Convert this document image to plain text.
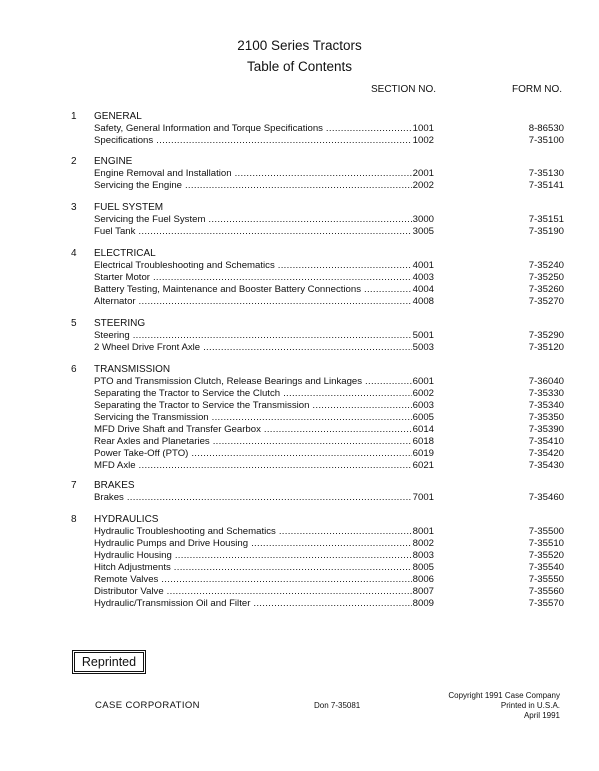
2100 Series Tractors
Table of Contents
SECTION NO.	FORM NO.
1 GENERAL
Safety, General Information and Torque Specifications .....	1001	8-86530
Specifications .....	1002	7-35100
2 ENGINE
Engine Removal and Installation .....	2001	7-35130
Servicing the Engine .....	2002	7-35141
3 FUEL SYSTEM
Servicing the Fuel System .....	3000	7-35151
Fuel Tank .....	3005	7-35190
4 ELECTRICAL
Electrical Troubleshooting and Schematics .....	4001	7-35240
Starter Motor .....	4003	7-35250
Battery Testing, Maintenance and Booster Battery Connections .....	4004	7-35260
Alternator .....	4008	7-35270
5 STEERING
Steering .....	5001	7-35290
2 Wheel Drive Front Axle .....	5003	7-35120
6 TRANSMISSION
PTO and Transmission Clutch, Release Bearings and Linkages .....	6001	7-36040
Separating the Tractor to Service the Clutch .....	6002	7-35330
Separating the Tractor to Service the Transmission .....	6003	7-35340
Servicing the Transmission .....	6005	7-35350
MFD Drive Shaft and Transfer Gearbox .....	6014	7-35390
Rear Axles and Planetaries .....	6018	7-35410
Power Take-Off (PTO) .....	6019	7-35420
MFD Axle .....	6021	7-35430
7 BRAKES
Brakes .....	7001	7-35460
8 HYDRAULICS
Hydraulic Troubleshooting and Schematics .....	8001	7-35500
Hydraulic Pumps and Drive Housing .....	8002	7-35510
Hydraulic Housing .....	8003	7-35520
Hitch Adjustments .....	8005	7-35540
Remote Valves .....	8006	7-35550
Distributor Valve .....	8007	7-35560
Hydraulic/Transmission Oil and Filter .....	8009	7-35570
Reprinted
CASE CORPORATION	Don 7-35081
Copyright 1991 Case Company
Printed in U.S.A.
April 1991
